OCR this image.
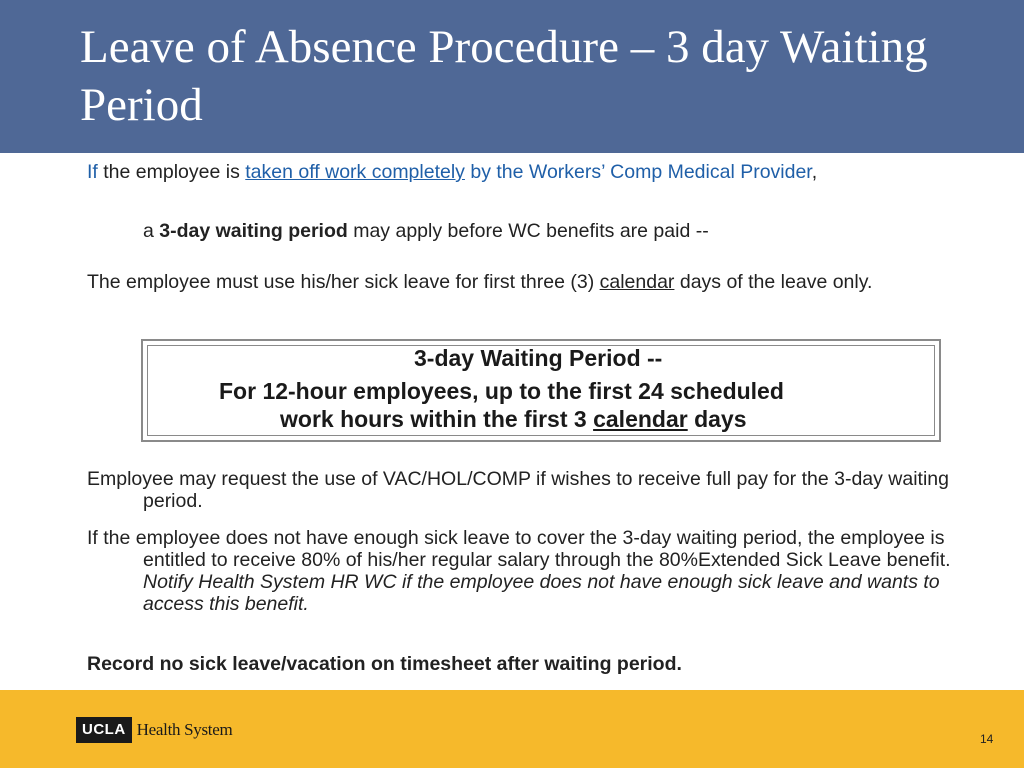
Leave of Absence Procedure – 3 day Waiting Period
If the employee is taken off work completely by the Workers’ Comp Medical Provider,
a 3-day waiting period may apply before WC benefits are paid --
The employee must use his/her sick leave for first three (3) calendar days of the leave only.
3-day Waiting Period --
For 12-hour employees, up to the first 24 scheduled
work hours within the first 3 calendar days
Employee may request the use of VAC/HOL/COMP if wishes to receive full pay for the 3-day waiting period.
If the employee does not have enough sick leave to cover the 3-day waiting period, the employee is entitled to receive 80% of his/her regular salary through the 80%Extended Sick Leave benefit. Notify Health System HR WC if the employee does not have enough sick leave and wants to access this benefit.
Record no sick leave/vacation on timesheet after waiting period.
UCLA Health System	14
